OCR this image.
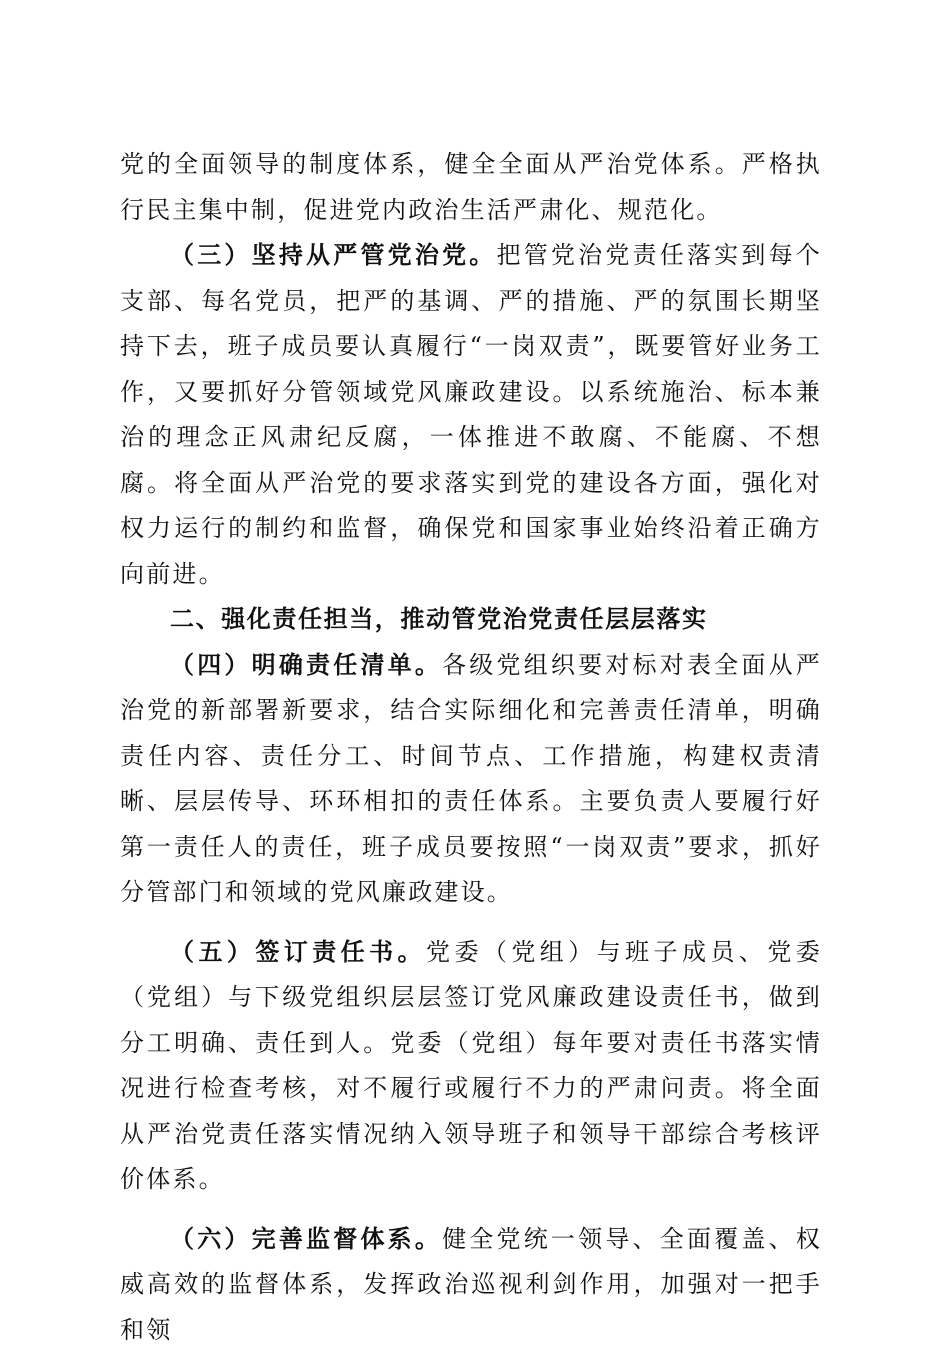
党的全面领导的制度体系，健全全面从严治党体系。严格执行民主集中制，促进党内政治生活严肃化、规范化。

（三）坚持从严管党治党。把管党治党责任落实到每个支部、每名党员，把严的基调、严的措施、严的氛围长期坚持下去，班子成员要认真履行“一岗双责”，既要管好业务工作，又要抓好分管领域党风廉政建设。以系统施治、标本兼治的理念正风肃纪反腐，一体推进不敢腐、不能腐、不想腐。将全面从严治党的要求落实到党的建设各方面，强化对权力运行的制约和监督，确保党和国家事业始终沿着正确方向前进。

二、强化责任担当，推动管党治党责任层层落实

（四）明确责任清单。各级党组织要对标对表全面从严治党的新部署新要求，结合实际细化和完善责任清单，明确责任内容、责任分工、时间节点、工作措施，构建权责清晰、层层传导、环环相扣的责任体系。主要负责人要履行好第一责任人的责任，班子成员要按照“一岗双责”要求，抓好分管部门和领域的党风廉政建设。

（五）签订责任书。党委（党组）与班子成员、党委（党组）与下级党组织层层签订党风廉政建设责任书，做到分工明确、责任到人。党委（党组）每年要对责任书落实情况进行检查考核，对不履行或履行不力的严肃问责。将全面从严治党责任落实情况纳入领导班子和领导干部综合考核评价体系。

（六）完善监督体系。健全党统一领导、全面覆盖、权威高效的监督体系，发挥政治巡视利剑作用，加强对一把手和领
